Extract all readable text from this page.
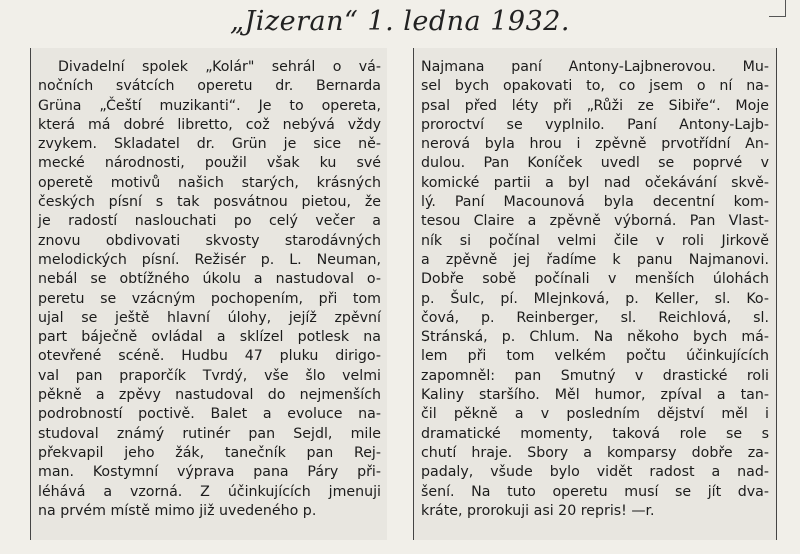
„Jizeran“ 1. ledna 1932.
Divadelní spolek „Kolár" sehrál o vá-
nočních svátcích operetu dr. Bernarda
Grüna „Čeští muzikanti“. Je to opereta,
která má dobré libretto, což nebývá vždy
zvykem. Skladatel dr. Grün je sice ně-
mecké národnosti, použil však ku své
operetě motivů našich starých, krásných
českých písní s tak posvátnou pietou, že
je radostí naslouchati po celý večer a
znovu obdivovati skvosty starodávných
melodických písní. Režisér p. L. Neuman,
nebál se obtížného úkolu a nastudoval o-
peretu se vzácným pochopením, při tom
ujal se ještě hlavní úlohy, jejíž zpěvní
part báječně ovládal a sklízel potlesk na
otevřené scéně. Hudbu 47 pluku dirigo-
val pan praporčík Tvrdý, vše šlo velmi
pěkně a zpěvy nastudoval do nejmenších
podrobností poctivě. Balet a evoluce na-
studoval známý rutinér pan Sejdl, mile
překvapil jeho žák, tanečník pan Rej-
man. Kostymní výprava pana Páry při-
léhává a vzorná. Z účinkujících jmenuji
na prvém místě mimo již uvedeného p.
Najmana paní Antony-Lajbnerovou. Mu-
sel bych opakovati to, co jsem o ní na-
psal před léty při „Růži ze Sibiře“. Moje
proroctví se vyplnilo. Paní Antony-Lajb-
nerová byla hrou i zpěvně prvotřídní An-
dulou. Pan Koníček uvedl se poprvé v
komické partii a byl nad očekávání skvě-
lý. Paní Macounová byla decentní kom-
tesou Claire a zpěvně výborná. Pan Vlast-
ník si počínal velmi čile v roli Jirkově
a zpěvně jej řadíme k panu Najmanovi.
Dobře sobě počínali v menších úlohách
p. Šulc, pí. Mlejnková, p. Keller, sl. Ko-
čová, p. Reinberger, sl. Reichlová, sl.
Stránská, p. Chlum. Na někoho bych má-
lem při tom velkém počtu účinkujících
zapomněl: pan Smutný v drastické roli
Kaliny staršího. Měl humor, zpíval a tan-
čil pěkně a v posledním dějství měl i
dramatické momenty, taková role se s
chutí hraje. Sbory a komparsy dobře za-
padaly, všude bylo vidět radost a nad-
šení. Na tuto operetu musí se jít dva-
kráte, prorokuji asi 20 repris! —r.
